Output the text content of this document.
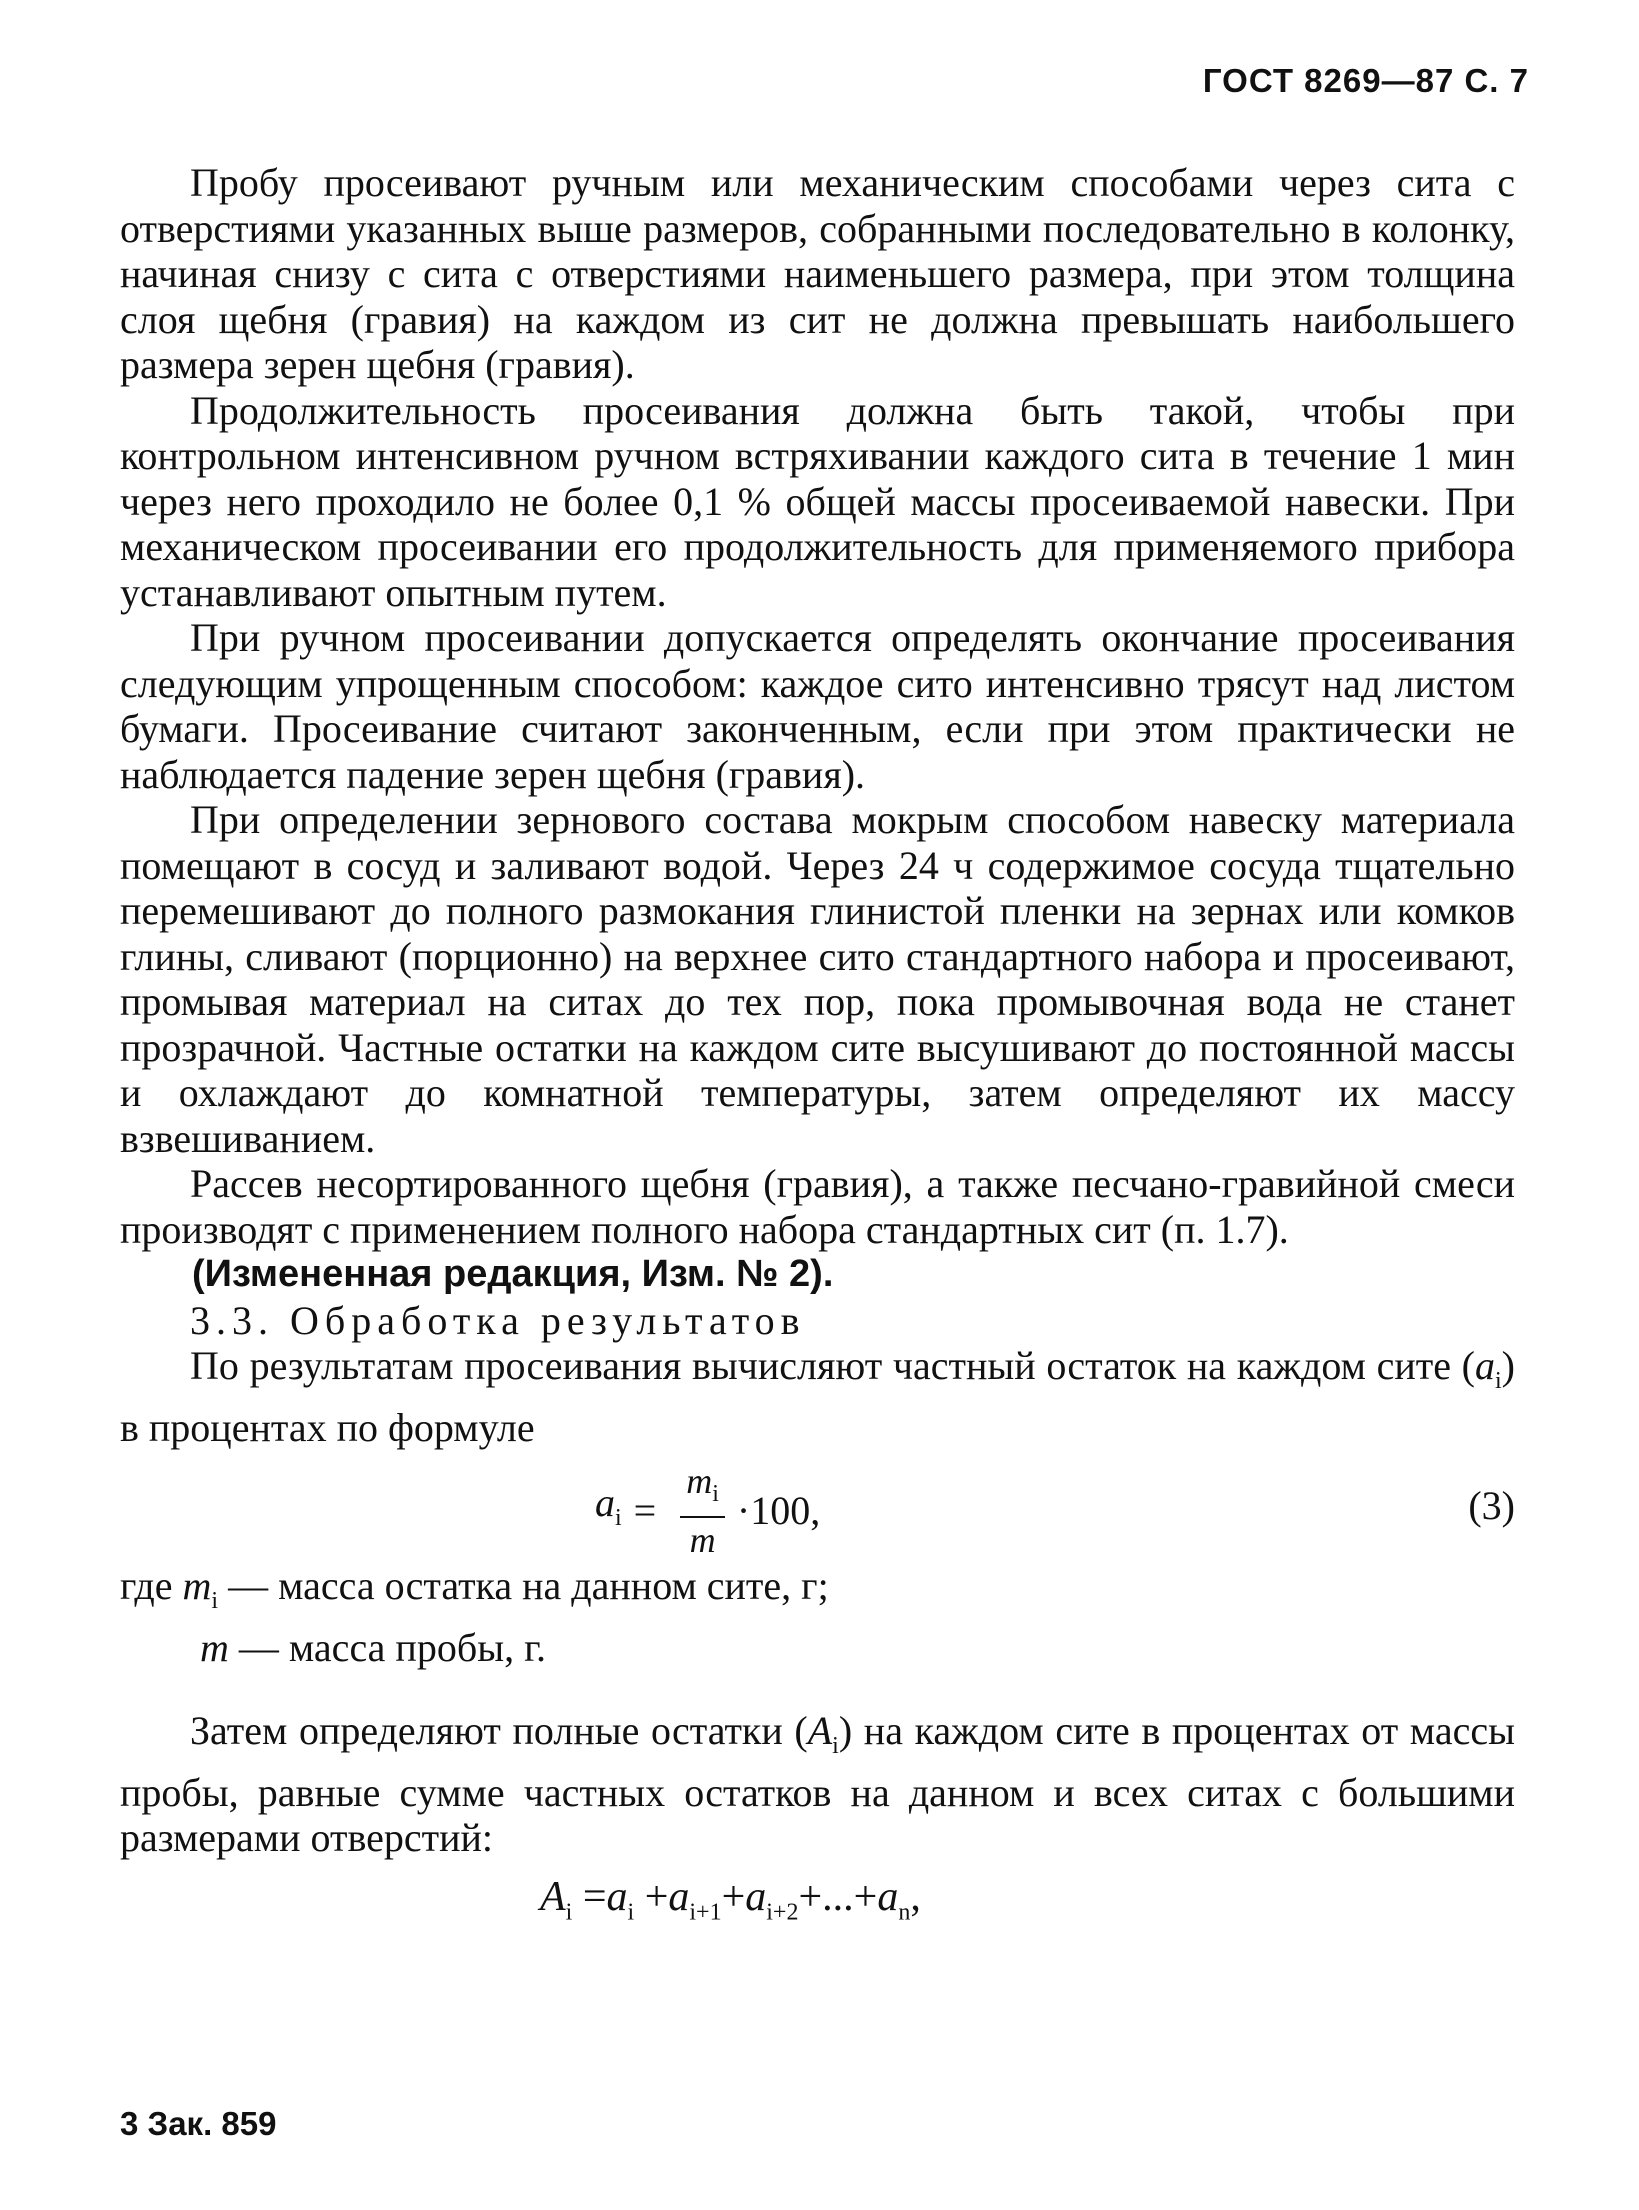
ГОСТ 8269—87 С. 7

Пробу просеивают ручным или механическим способами через сита с отверстиями указанных выше размеров, собранными последовательно в колонку, начиная снизу с сита с отверстиями наименьшего размера, при этом толщина слоя щебня (гравия) на каждом из сит не должна превышать наибольшего размера зерен щебня (гравия).

Продолжительность просеивания должна быть такой, чтобы при контрольном интенсивном ручном встряхивании каждого сита в течение 1 мин через него проходило не более 0,1 % общей массы просеиваемой навески. При механическом просеивании его продолжительность для применяемого прибора устанавливают опытным путем.

При ручном просеивании допускается определять окончание просеивания следующим упрощенным способом: каждое сито интенсивно трясут над листом бумаги. Просеивание считают законченным, если при этом практически не наблюдается падение зерен щебня (гравия).

При определении зернового состава мокрым способом навеску материала помещают в сосуд и заливают водой. Через 24 ч содержимое сосуда тщательно перемешивают до полного размокания глинистой пленки на зернах или комков глины, сливают (порционно) на верхнее сито стандартного набора и просеивают, промывая материал на ситах до тех пор, пока промывочная вода не станет прозрачной. Частные остатки на каждом сите высушивают до постоянной массы и охлаждают до комнатной температуры, затем определяют их массу взвешиванием.

Рассев несортированного щебня (гравия), а также песчано-гравийной смеси производят с применением полного набора стандартных сит (п. 1.7).

(Измененная редакция, Изм. № 2).

3.3. Обработка результатов

По результатам просеивания вычисляют частный остаток на каждом сите $(a_i)$ в процентах по формуле

$a_i = \frac{m_i}{m} \cdot 100$,	(3)
где $m_i$ — масса остатка на данном сите, г;
m — масса пробы, г.

Затем определяют полные остатки $(A_i)$ на каждом сите в процентах от массы пробы, равные сумме частных остатков на данном и всех ситах с большими размерами отверстий:

$A_i =a_i +a_{i+1}+a_{i+2}+...+a_n$,
3 Зак. 859
